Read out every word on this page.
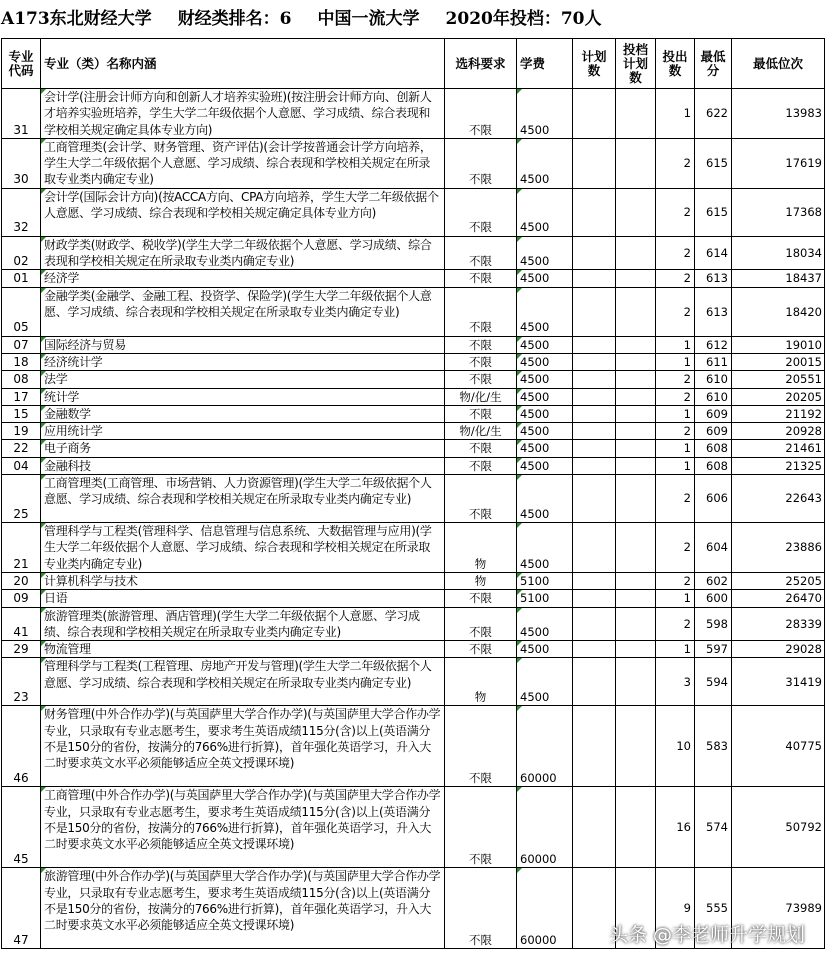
A173东北财经大学 财经类排名：6 中国一流大学 2020年投档：70人
专业代码	专业（类）名称内涵	选科要求	学费	计划数	投档计划数	投出数	最低分	最低位次
31	会计学(注册会计师方向和创新人才培养实验班)(按注册会计师方向、创新人才培养实验班培养，学生大学二年级依据个人意愿、学习成绩、综合表现和学校相关规定确定具体专业方向)	不限	4500			1	622	13983
30	工商管理类(会计学、财务管理、资产评估)(会计学按普通会计学方向培养，学生大学二年级依据个人意愿、学习成绩、综合表现和学校相关规定在所录取专业类内确定专业)	不限	4500			2	615	17619
32	会计学(国际会计方向)(按ACCA方向、CPA方向培养，学生大学二年级依据个人意愿、学习成绩、综合表现和学校相关规定确定具体专业方向)	不限	4500			2	615	17368
02	财政学类(财政学、税收学)(学生大学二年级依据个人意愿、学习成绩、综合表现和学校相关规定在所录取专业类内确定专业)	不限	4500			2	614	18034
01	经济学	不限	4500			2	613	18437
05	金融学类(金融学、金融工程、投资学、保险学)(学生大学二年级依据个人意愿、学习成绩、综合表现和学校相关规定在所录取专业类内确定专业)	不限	4500			2	613	18420
07	国际经济与贸易	不限	4500			1	612	19010
18	经济统计学	不限	4500			1	611	20015
08	法学	不限	4500			2	610	20551
17	统计学	物/化/生	4500			2	610	20205
15	金融数学	不限	4500			1	609	21192
19	应用统计学	物/化/生	4500			2	609	20928
22	电子商务	不限	4500			1	608	21461
04	金融科技	不限	4500			1	608	21325
25	工商管理类(工商管理、市场营销、人力资源管理)(学生大学二年级依据个人意愿、学习成绩、综合表现和学校相关规定在所录取专业类内确定专业)	不限	4500			2	606	22643
21	管理科学与工程类(管理科学、信息管理与信息系统、大数据管理与应用)(学生大学二年级依据个人意愿、学习成绩、综合表现和学校相关规定在所录取专业类内确定专业)	物	4500			2	604	23886
20	计算机科学与技术	物	5100			2	602	25205
09	日语	不限	5100			1	600	26470
41	旅游管理类(旅游管理、酒店管理)(学生大学二年级依据个人意愿、学习成绩、综合表现和学校相关规定在所录取专业类内确定专业)	不限	4500			2	598	28339
29	物流管理	不限	4500			1	597	29028
23	管理科学与工程类(工程管理、房地产开发与管理)(学生大学二年级依据个人意愿、学习成绩、综合表现和学校相关规定在所录取专业类内确定专业)	物	4500			3	594	31419
46	财务管理(中外合作办学)(与英国萨里大学合作办学)(与英国萨里大学合作办学专业，只录取有专业志愿考生，要求考生英语成绩115分(含)以上(英语满分不是150分的省份，按满分的766%进行折算)，首年强化英语学习，升入大二时要求英文水平必须能够适应全英文授课环境)	不限	60000			10	583	40775
45	工商管理(中外合作办学)(与英国萨里大学合作办学)(与英国萨里大学合作办学专业，只录取有专业志愿考生，要求考生英语成绩115分(含)以上(英语满分不是150分的省份，按满分的766%进行折算)，首年强化英语学习，升入大二时要求英文水平必须能够适应全英文授课环境)	不限	60000			16	574	50792
47	旅游管理(中外合作办学)(与英国萨里大学合作办学)(与英国萨里大学合作办学专业，只录取有专业志愿考生，要求考生英语成绩115分(含)以上(英语满分不是150分的省份，按满分的766%进行折算)，首年强化英语学习，升入大二时要求英文水平必须能够适应全英文授课环境)	不限	60000			9	555	73989
头条 @李老师升学规划
